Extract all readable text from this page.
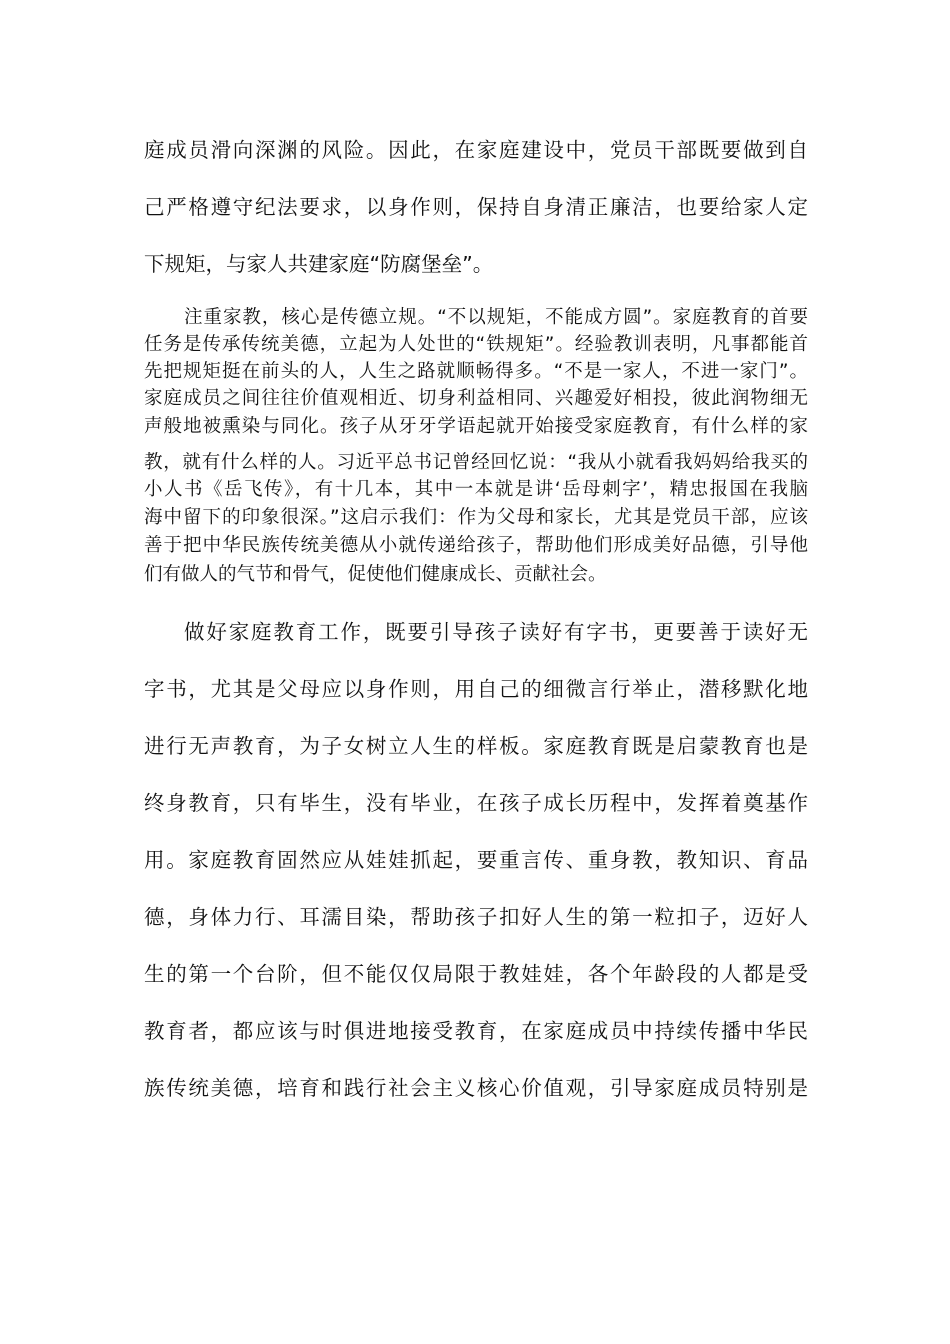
庭成员滑向深渊的风险。因此，在家庭建设中，党员干部既要做到自
己严格遵守纪法要求，以身作则，保持自身清正廉洁，也要给家人定
下规矩，与家人共建家庭“防腐堡垒”。
注重家教，核心是传德立规。“不以规矩，不能成方圆”。家庭教育的首要
任务是传承传统美德，立起为人处世的“铁规矩”。经验教训表明，凡事都能首
先把规矩挺在前头的人，人生之路就顺畅得多。“不是一家人，不进一家门”。
家庭成员之间往往价值观相近、切身利益相同、兴趣爱好相投，彼此润物细无
声般地被熏染与同化。孩子从牙牙学语起就开始接受家庭教育，有什么样的家
教，就有什么样的人。习近平总书记曾经回忆说：“我从小就看我妈妈给我买的
小人书《岳飞传》，有十几本，其中一本就是讲‘岳母刺字’，精忠报国在我脑
海中留下的印象很深。”这启示我们：作为父母和家长，尤其是党员干部，应该
善于把中华民族传统美德从小就传递给孩子，帮助他们形成美好品德，引导他
们有做人的气节和骨气，促使他们健康成长、贡献社会。
做好家庭教育工作，既要引导孩子读好有字书，更要善于读好无
字书，尤其是父母应以身作则，用自己的细微言行举止，潜移默化地
进行无声教育，为子女树立人生的样板。家庭教育既是启蒙教育也是
终身教育，只有毕生，没有毕业，在孩子成长历程中，发挥着奠基作
用。家庭教育固然应从娃娃抓起，要重言传、重身教，教知识、育品
德，身体力行、耳濡目染，帮助孩子扣好人生的第一粒扣子，迈好人
生的第一个台阶，但不能仅仅局限于教娃娃，各个年龄段的人都是受
教育者，都应该与时俱进地接受教育，在家庭成员中持续传播中华民
族传统美德，培育和践行社会主义核心价值观，引导家庭成员特别是
